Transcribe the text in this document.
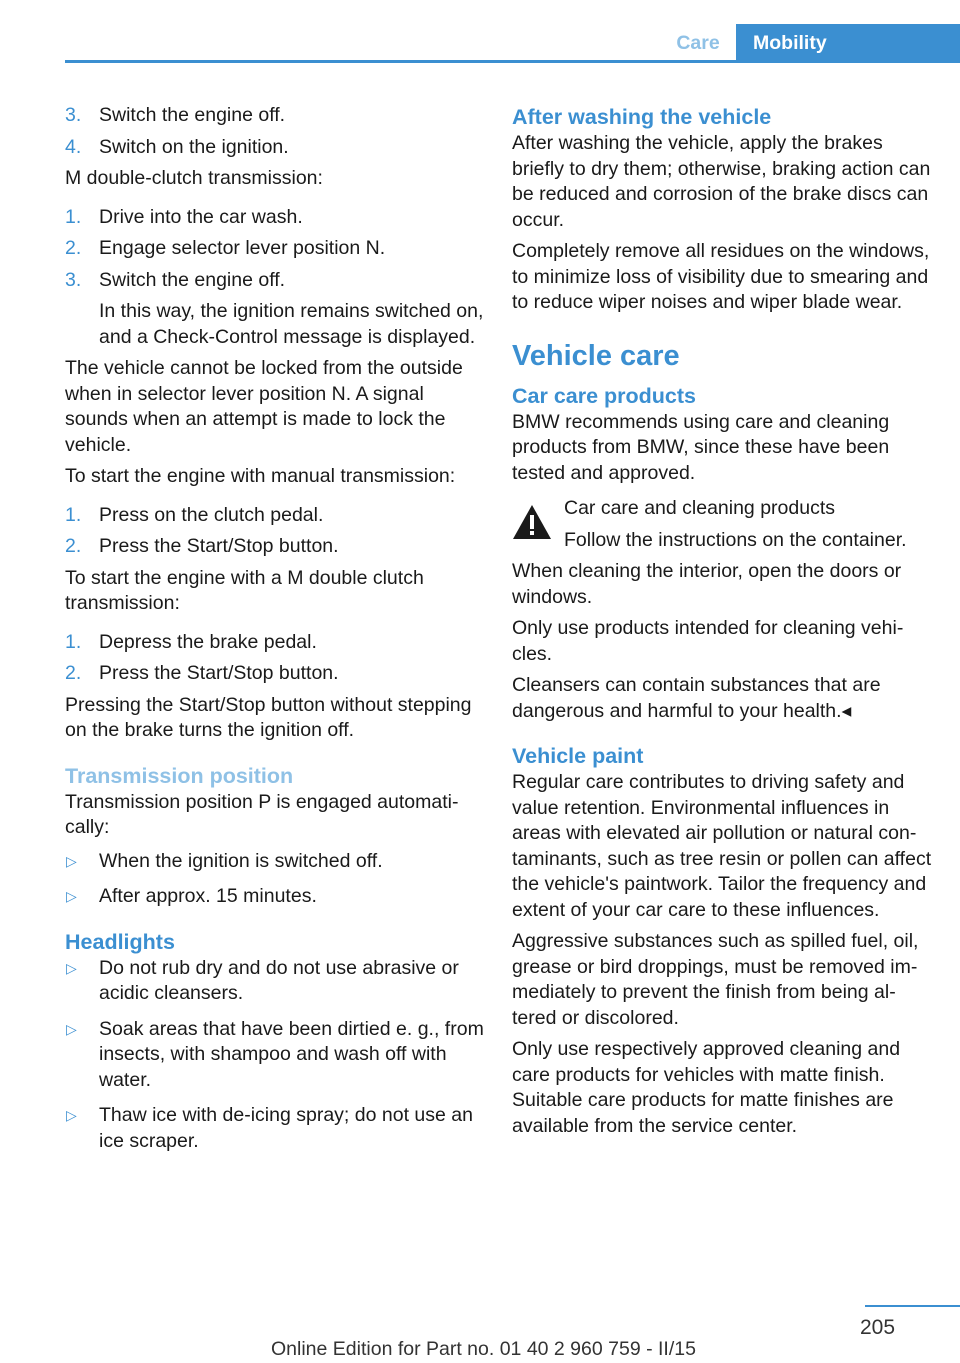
Care	Mobility
3. Switch the engine off.
4. Switch on the ignition.

M double-clutch transmission:

1. Drive into the car wash.
2. Engage selector lever position N.
3. Switch the engine off.

In this way, the ignition remains switched on, and a Check-Control message is displayed.

The vehicle cannot be locked from the outside when in selector lever position N. A signal sounds when an attempt is made to lock the vehicle.

To start the engine with manual transmission:

1. Press on the clutch pedal.
2. Press the Start/Stop button.

To start the engine with a M double clutch transmission:

1. Depress the brake pedal.
2. Press the Start/Stop button.

Pressing the Start/Stop button without stepping on the brake turns the ignition off.

Transmission position

Transmission position P is engaged automatically:

▷ When the ignition is switched off.
▷ After approx. 15 minutes.
Headlights
▷ Do not rub dry and do not use abrasive or acidic cleansers.
▷ Soak areas that have been dirtied e. g., from insects, with shampoo and wash off with water.
▷ Thaw ice with de-icing spray; do not use an ice scraper.
After washing the vehicle

After washing the vehicle, apply the brakes briefly to dry them; otherwise, braking action can be reduced and corrosion of the brake discs can occur.

Completely remove all residues on the windows, to minimize loss of visibility due to smearing and to reduce wiper noises and wiper blade wear.

Vehicle care
Car care products

BMW recommends using care and cleaning products from BMW, since these have been tested and approved.

Car care and cleaning products
Follow the instructions on the container.

When cleaning the interior, open the doors or windows.

Only use products intended for cleaning vehicles.

Cleansers can contain substances that are dangerous and harmful to your health.◂

Vehicle paint

Regular care contributes to driving safety and value retention. Environmental influences in areas with elevated air pollution or natural contaminants, such as tree resin or pollen can affect the vehicle's paintwork. Tailor the frequency and extent of your car care to these influences.

Aggressive substances such as spilled fuel, oil, grease or bird droppings, must be removed immediately to prevent the finish from being altered or discolored.

Only use respectively approved cleaning and care products for vehicles with matte finish. Suitable care products for matte finishes are available from the service center.

205
Online Edition for Part no. 01 40 2 960 759 - II/15
